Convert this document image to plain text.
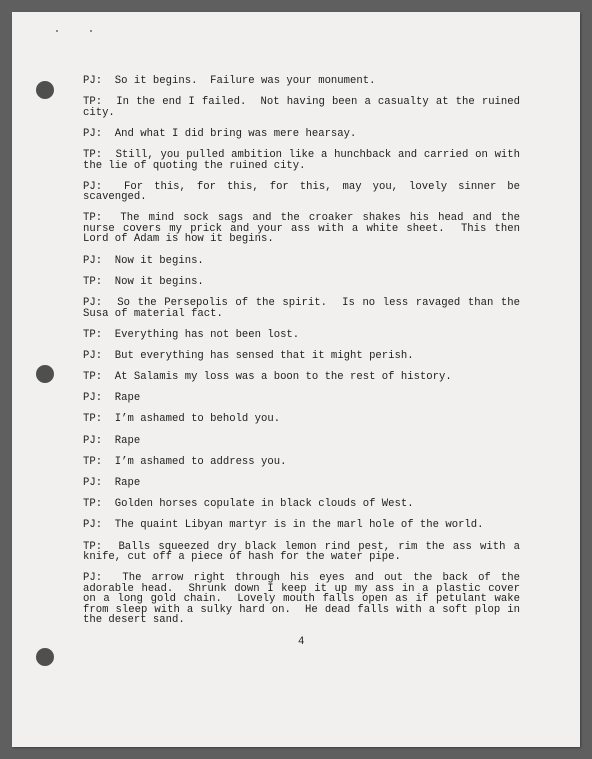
PJ:  So it begins.  Failure was your monument.

TP:  In the end I failed.  Not having been a casualty at the ruined city.

PJ:  And what I did bring was mere hearsay.

TP:  Still, you pulled ambition like a hunchback and carried on with the lie of quoting the ruined city.

PJ:  For this, for this, for this, may you, lovely sinner be scavenged.

TP:  The mind sock sags and the croaker shakes his head and the nurse covers my prick and your ass with a white sheet.  This then Lord of Adam is how it begins.

PJ:  Now it begins.

TP:  Now it begins.

PJ:  So the Persepolis of the spirit.  Is no less ravaged than the Susa of material fact.

TP:  Everything has not been lost.

PJ:  But everything has sensed that it might perish.

TP:  At Salamis my loss was a boon to the rest of history.

PJ:  Rape

TP:  I’m ashamed to behold you.

PJ:  Rape

TP:  I’m ashamed to address you.

PJ:  Rape

TP:  Golden horses copulate in black clouds of West.

PJ:  The quaint Libyan martyr is in the marl hole of the world.

TP:  Balls squeezed dry black lemon rind pest, rim the ass with a knife, cut off a piece of hash for the water pipe.

PJ:  The arrow right through his eyes and out the back of the adorable head.  Shrunk down I keep it up my ass in a plastic cover on a long gold chain.  Lovely mouth falls open as if petulant wake from sleep with a sulky hard on.  He dead falls with a soft plop in the desert sand.

4
